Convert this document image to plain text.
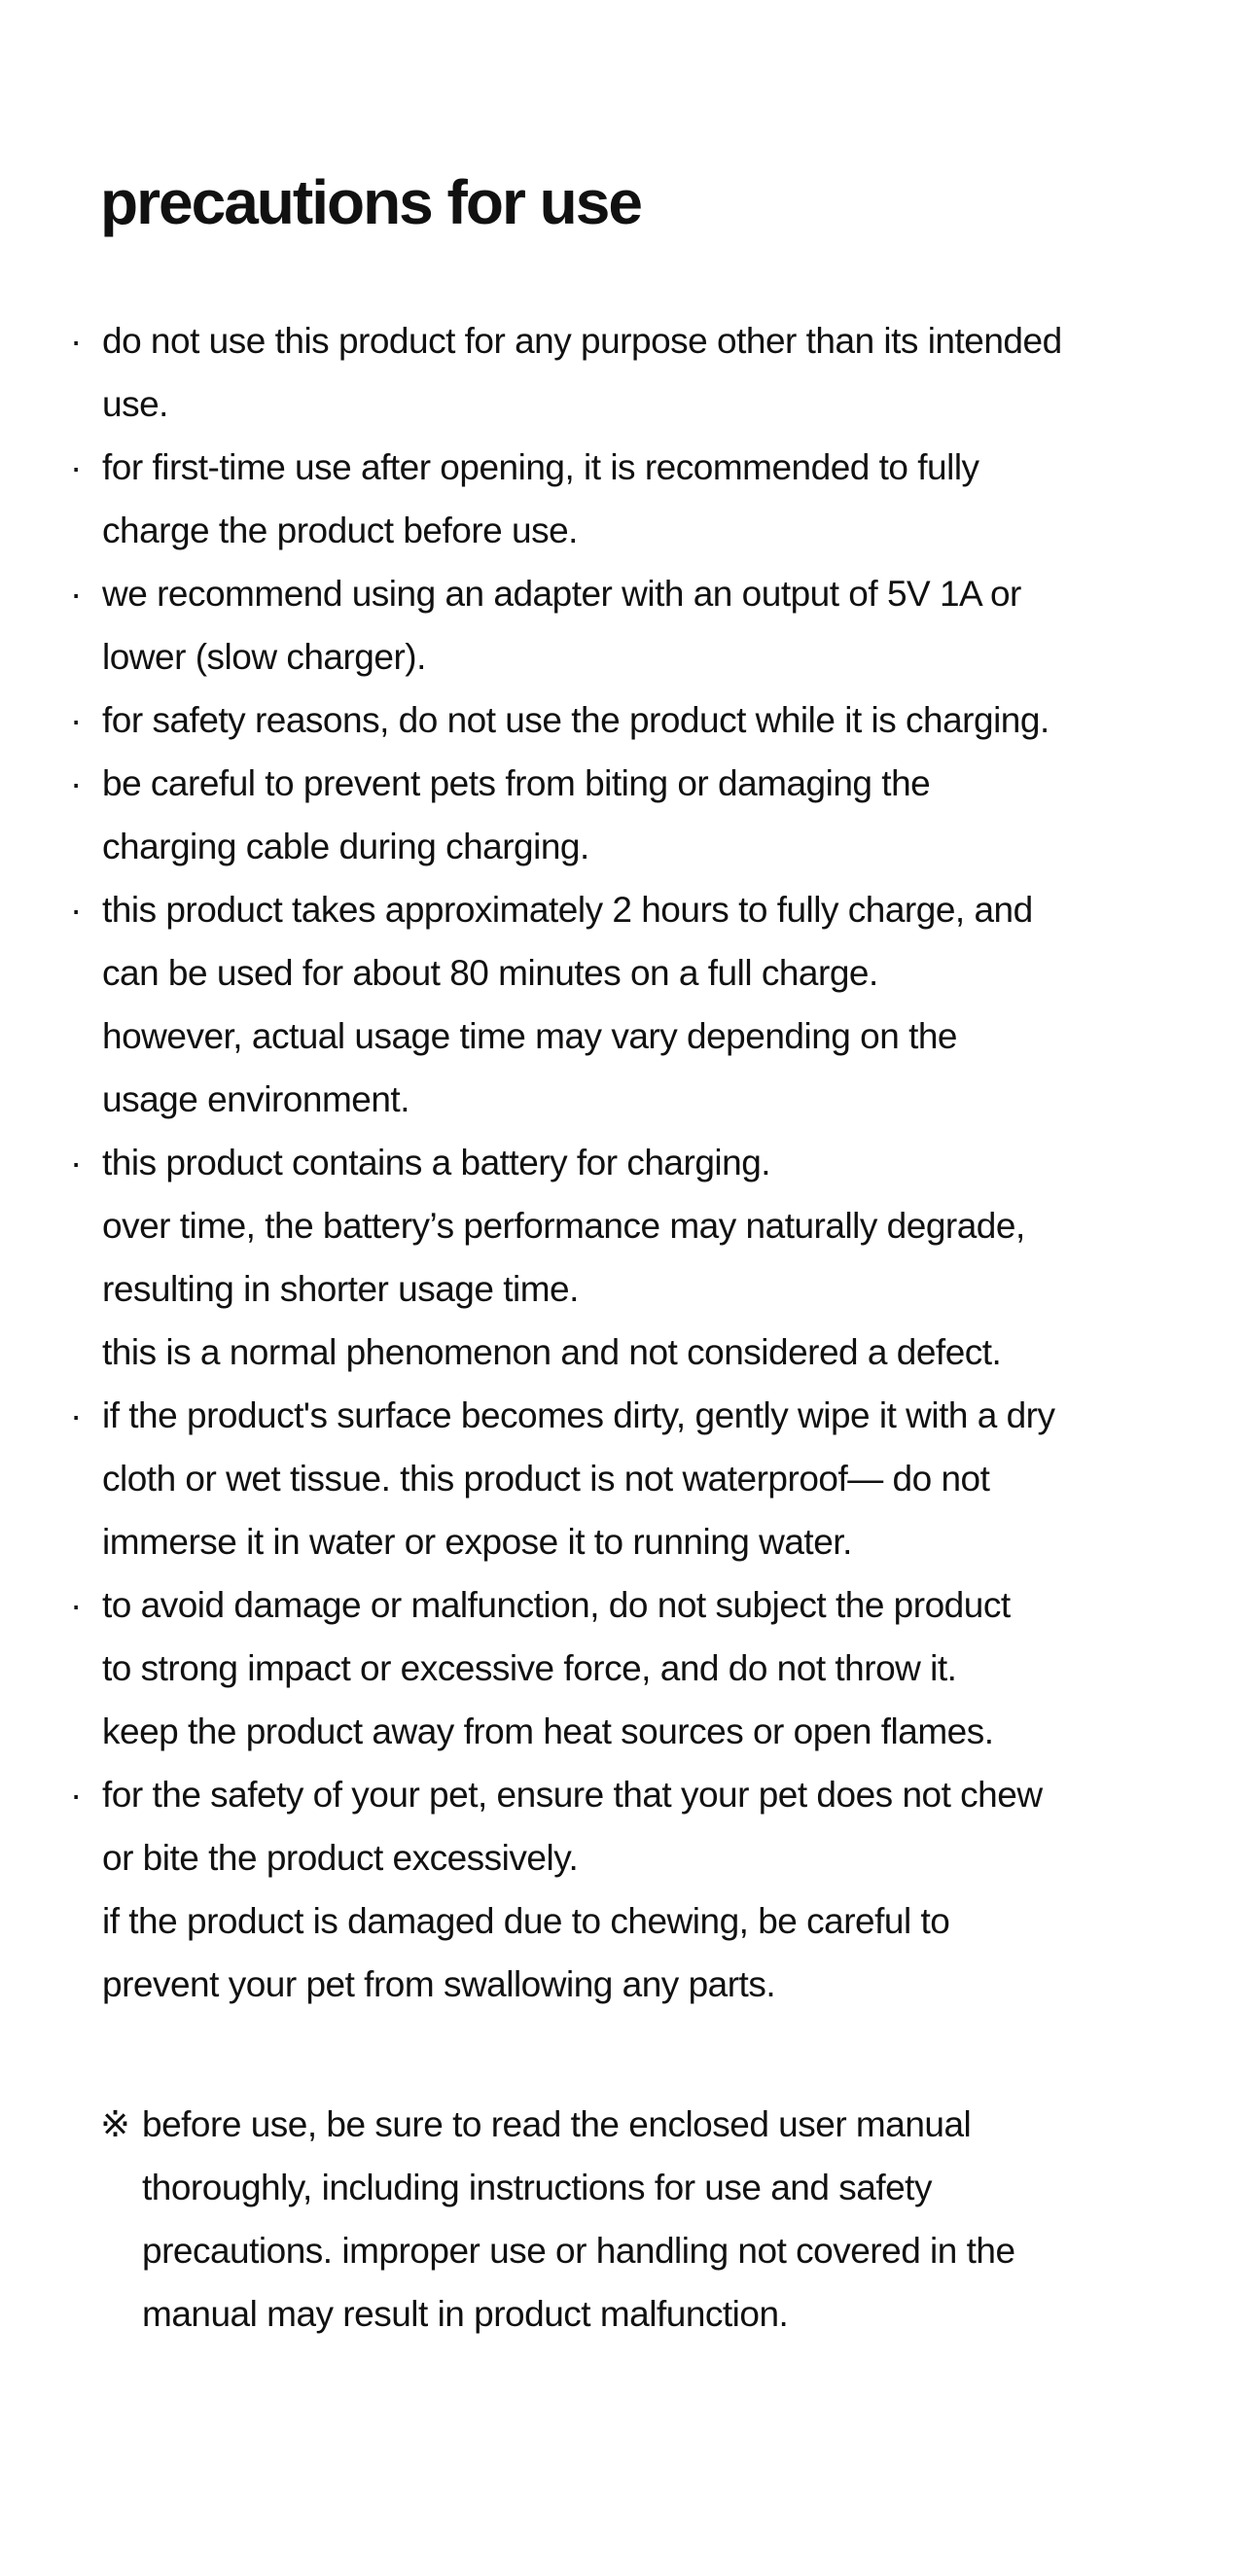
precautions for use
· do not use this product for any purpose other than its intended
use.
· for first-time use after opening, it is recommended to fully
charge the product before use.
· we recommend using an adapter with an output of 5V 1A or
lower (slow charger).
· for safety reasons, do not use the product while it is charging.
· be careful to prevent pets from biting or damaging the
charging cable during charging.
· this product takes approximately 2 hours to fully charge, and
can be used for about 80 minutes on a full charge.
however, actual usage time may vary depending on the
usage environment.
· this product contains a battery for charging.
over time, the battery’s performance may naturally degrade,
resulting in shorter usage time.
this is a normal phenomenon and not considered a defect.
· if the product's surface becomes dirty, gently wipe it with a dry
cloth or wet tissue. this product is not waterproof— do not
immerse it in water or expose it to running water.
· to avoid damage or malfunction, do not subject the product
to strong impact or excessive force, and do not throw it.
keep the product away from heat sources or open flames.
· for the safety of your pet, ensure that your pet does not chew
or bite the product excessively.
if the product is damaged due to chewing, be careful to
prevent your pet from swallowing any parts.
※ before use, be sure to read the enclosed user manual
thoroughly, including instructions for use and safety
precautions. improper use or handling not covered in the
manual may result in product malfunction.
